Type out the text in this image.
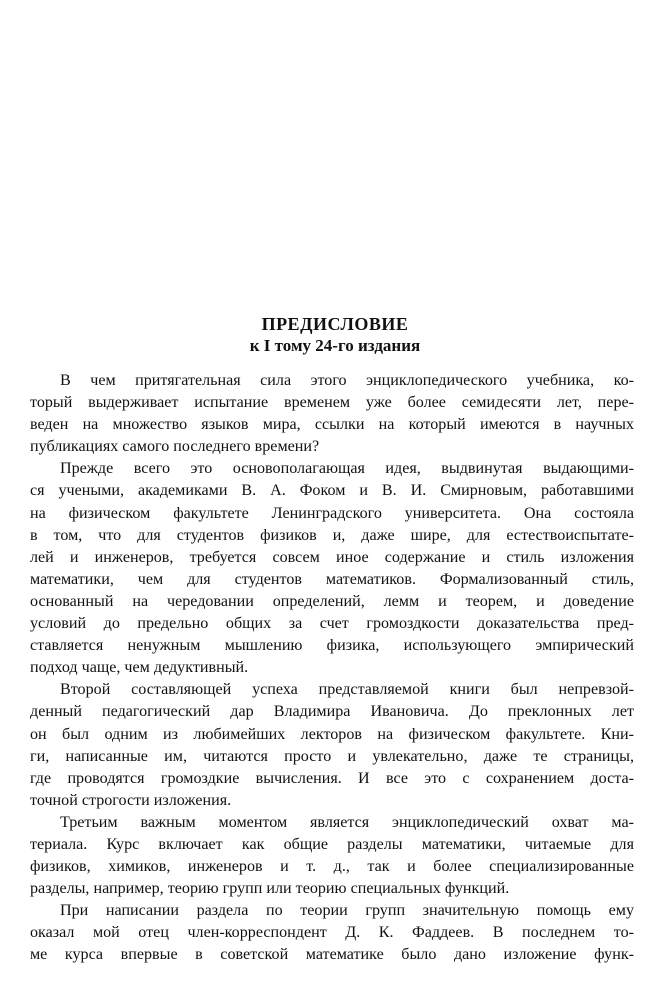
ПРЕДИСЛОВИЕ
к I тому 24-го издания
В чем притягательная сила этого энциклопедического учебника, ко-
торый выдерживает испытание временем уже более семидесяти лет, пере-
веден на множество языков мира, ссылки на который имеются в научных
публикациях самого последнего времени?
Прежде всего это основополагающая идея, выдвинутая выдающими-
ся учеными, академиками В. А. Фоком и В. И. Смирновым, работавшими
на физическом факультете Ленинградского университета. Она состояла
в том, что для студентов физиков и, даже шире, для естествоиспытате-
лей и инженеров, требуется совсем иное содержание и стиль изложения
математики, чем для студентов математиков. Формализованный стиль,
основанный на чередовании определений, лемм и теорем, и доведение
условий до предельно общих за счет громоздкости доказательства пред-
ставляется ненужным мышлению физика, использующего эмпирический
подход чаще, чем дедуктивный.
Второй составляющей успеха представляемой книги был непревзой-
денный педагогический дар Владимира Ивановича. До преклонных лет
он был одним из любимейших лекторов на физическом факультете. Кни-
ги, написанные им, читаются просто и увлекательно, даже те страницы,
где проводятся громоздкие вычисления. И все это с сохранением доста-
точной строгости изложения.
Третьим важным моментом является энциклопедический охват ма-
териала. Курс включает как общие разделы математики, читаемые для
физиков, химиков, инженеров и т. д., так и более специализированные
разделы, например, теорию групп или теорию специальных функций.
При написании раздела по теории групп значительную помощь ему
оказал мой отец член-корреспондент Д. К. Фаддеев. В последнем то-
ме курса впервые в советской математике было дано изложение функ-
